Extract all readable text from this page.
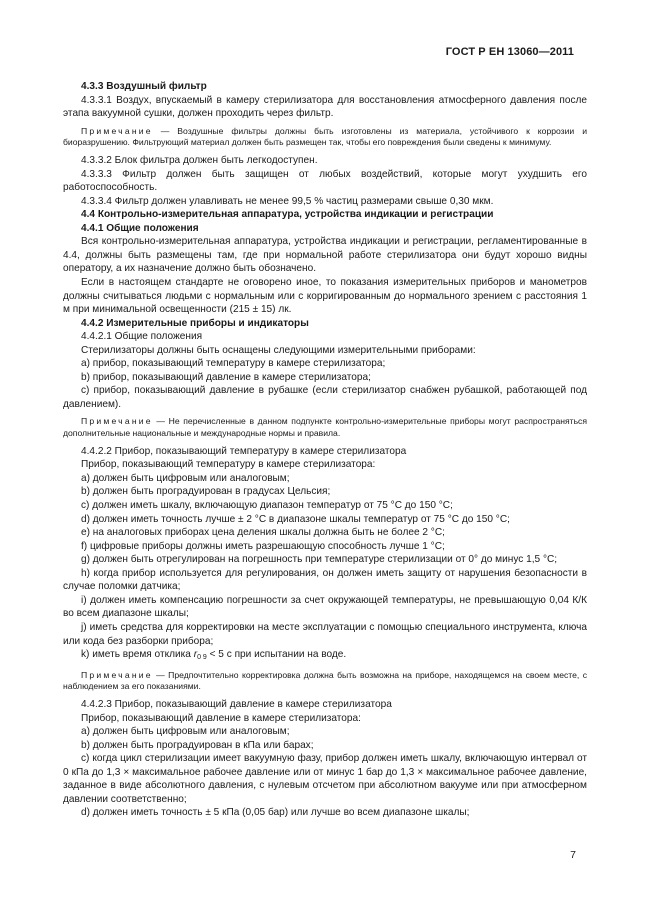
ГОСТ Р ЕН 13060—2011

4.3.3 Воздушный фильтр

4.3.3.1 Воздух, впускаемый в камеру стерилизатора для восстановления атмосферного давления после этапа вакуумной сушки, должен проходить через фильтр.

Примечание — Воздушные фильтры должны быть изготовлены из материала, устойчивого к коррозии и биоразрушению. Фильтрующий материал должен быть размещен так, чтобы его повреждения были сведены к минимуму.

4.3.3.2 Блок фильтра должен быть легкодоступен.

4.3.3.3 Фильтр должен быть защищен от любых воздействий, которые могут ухудшить его работоспособность.

4.3.3.4 Фильтр должен улавливать не менее 99,5 % частиц размерами свыше 0,30 мкм.

4.4 Контрольно-измерительная аппаратура, устройства индикации и регистрации

4.4.1 Общие положения

Вся контрольно-измерительная аппаратура, устройства индикации и регистрации, регламентированные в 4.4, должны быть размещены там, где при нормальной работе стерилизатора они будут хорошо видны оператору, а их назначение должно быть обозначено.

Если в настоящем стандарте не оговорено иное, то показания измерительных приборов и манометров должны считываться людьми с нормальным или с корригированным до нормального зрением с расстояния 1 м при минимальной освещенности (215 ± 15) лк.

4.4.2 Измерительные приборы и индикаторы

4.4.2.1 Общие положения

Стерилизаторы должны быть оснащены следующими измерительными приборами:

а) прибор, показывающий температуру в камере стерилизатора;

b) прибор, показывающий давление в камере стерилизатора;

с) прибор, показывающий давление в рубашке (если стерилизатор снабжен рубашкой, работающей под давлением).

Примечание — Не перечисленные в данном подпункте контрольно-измерительные приборы могут распространяться дополнительные национальные и международные нормы и правила.

4.4.2.2 Прибор, показывающий температуру в камере стерилизатора

Прибор, показывающий температуру в камере стерилизатора:

а) должен быть цифровым или аналоговым;

b) должен быть проградуирован в градусах Цельсия;

c) должен иметь шкалу, включающую диапазон температур от 75 °C до 150 °C;

d) должен иметь точность лучше ± 2 °C в диапазоне шкалы температур от 75 °C до 150 °C;

e) на аналоговых приборах цена деления шкалы должна быть не более 2 °C;

f) цифровые приборы должны иметь разрешающую способность лучше 1 °C;

g) должен быть отрегулирован на погрешность при температуре стерилизации от 0° до минус 1,5 °C;

h) когда прибор используется для регулирования, он должен иметь защиту от нарушения безопасности в случае поломки датчика;

i) должен иметь компенсацию погрешности за счет окружающей температуры, не превышающую 0,04 К/К во всем диапазоне шкалы;

j) иметь средства для корректировки на месте эксплуатации с помощью специального инструмента, ключа или кода без разборки прибора;

k) иметь время отклика $r_{0 9} < 5$ с при испытании на воде.

Примечание — Предпочтительно корректировка должна быть возможна на приборе, находящемся на своем месте, с наблюдением за его показаниями.

4.4.2.3 Прибор, показывающий давление в камере стерилизатора

Прибор, показывающий давление в камере стерилизатора:

а) должен быть цифровым или аналоговым;

b) должен быть проградуирован в кПа или барах;

c) когда цикл стерилизации имеет вакуумную фазу, прибор должен иметь шкалу, включающую интервал от 0 кПа до 1,3 × максимальное рабочее давление или от минус 1 бар до 1,3 × максимальное рабочее давление, заданное в виде абсолютного давления, с нулевым отсчетом при абсолютном вакууме или при атмосферном давлении соответственно;

d) должен иметь точность ± 5 кПа (0,05 бар) или лучше во всем диапазоне шкалы;

7
